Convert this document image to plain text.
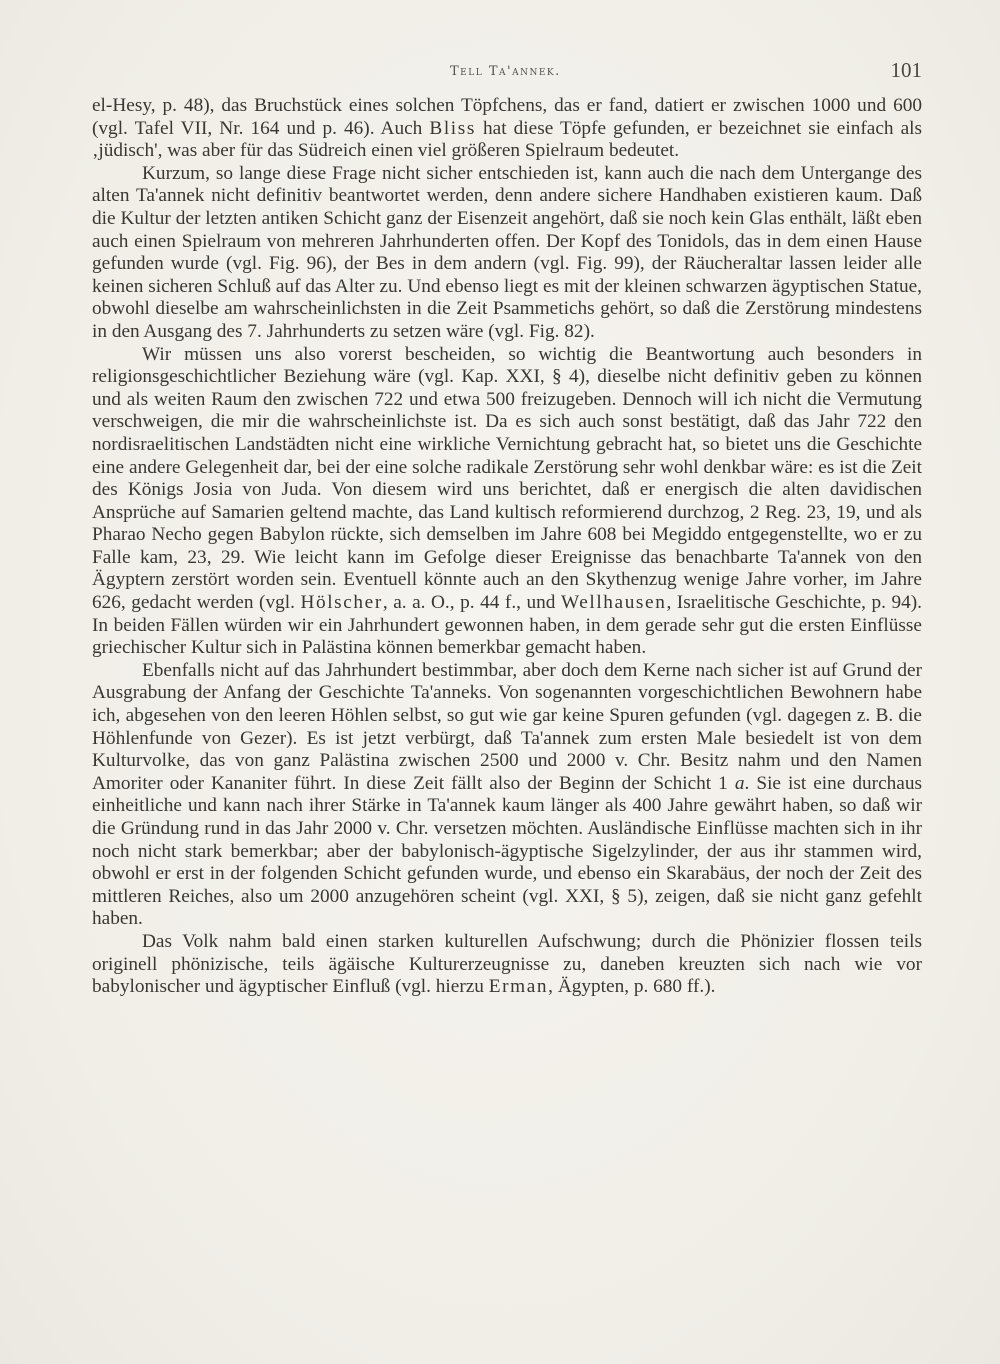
Tell Ta'annek.	101

el-Hesy, p. 48), das Bruchstück eines solchen Töpfchens, das er fand, datiert er zwischen 1000 und 600 (vgl. Tafel VII, Nr. 164 und p. 46). Auch Bliss hat diese Töpfe gefunden, er bezeichnet sie einfach als ‚jüdisch', was aber für das Südreich einen viel größeren Spielraum bedeutet.

Kurzum, so lange diese Frage nicht sicher entschieden ist, kann auch die nach dem Untergange des alten Ta'annek nicht definitiv beantwortet werden, denn andere sichere Handhaben existieren kaum. Daß die Kultur der letzten antiken Schicht ganz der Eisenzeit angehört, daß sie noch kein Glas enthält, läßt eben auch einen Spielraum von mehreren Jahrhunderten offen. Der Kopf des Tonidols, das in dem einen Hause gefunden wurde (vgl. Fig. 96), der Bes in dem andern (vgl. Fig. 99), der Räucheraltar lassen leider alle keinen sicheren Schluß auf das Alter zu. Und ebenso liegt es mit der kleinen schwarzen ägyptischen Statue, obwohl dieselbe am wahrscheinlichsten in die Zeit Psammetichs gehört, so daß die Zerstörung mindestens in den Ausgang des 7. Jahrhunderts zu setzen wäre (vgl. Fig. 82).

Wir müssen uns also vorerst bescheiden, so wichtig die Beantwortung auch besonders in religionsgeschichtlicher Beziehung wäre (vgl. Kap. XXI, § 4), dieselbe nicht definitiv geben zu können und als weiten Raum den zwischen 722 und etwa 500 freizugeben. Dennoch will ich nicht die Vermutung verschweigen, die mir die wahrscheinlichste ist. Da es sich auch sonst bestätigt, daß das Jahr 722 den nordisraelitischen Landstädten nicht eine wirkliche Vernichtung gebracht hat, so bietet uns die Geschichte eine andere Gelegenheit dar, bei der eine solche radikale Zerstörung sehr wohl denkbar wäre: es ist die Zeit des Königs Josia von Juda. Von diesem wird uns berichtet, daß er energisch die alten davidischen Ansprüche auf Samarien geltend machte, das Land kultisch reformierend durchzog, 2 Reg. 23, 19, und als Pharao Necho gegen Babylon rückte, sich demselben im Jahre 608 bei Megiddo entgegenstellte, wo er zu Falle kam, 23, 29. Wie leicht kann im Gefolge dieser Ereignisse das benachbarte Ta'annek von den Ägyptern zerstört worden sein. Eventuell könnte auch an den Skythenzug wenige Jahre vorher, im Jahre 626, gedacht werden (vgl. Hölscher, a. a. O., p. 44 f., und Wellhausen, Israelitische Geschichte, p. 94). In beiden Fällen würden wir ein Jahrhundert gewonnen haben, in dem gerade sehr gut die ersten Einflüsse griechischer Kultur sich in Palästina können bemerkbar gemacht haben.

Ebenfalls nicht auf das Jahrhundert bestimmbar, aber doch dem Kerne nach sicher ist auf Grund der Ausgrabung der Anfang der Geschichte Ta'anneks. Von sogenannten vorgeschichtlichen Bewohnern habe ich, abgesehen von den leeren Höhlen selbst, so gut wie gar keine Spuren gefunden (vgl. dagegen z. B. die Höhlenfunde von Gezer). Es ist jetzt verbürgt, daß Ta'annek zum ersten Male besiedelt ist von dem Kulturvolke, das von ganz Palästina zwischen 2500 und 2000 v. Chr. Besitz nahm und den Namen Amoriter oder Kananiter führt. In diese Zeit fällt also der Beginn der Schicht 1 a. Sie ist eine durchaus einheitliche und kann nach ihrer Stärke in Ta'annek kaum länger als 400 Jahre gewährt haben, so daß wir die Gründung rund in das Jahr 2000 v. Chr. versetzen möchten. Ausländische Einflüsse machten sich in ihr noch nicht stark bemerkbar; aber der babylonisch-ägyptische Sigelzylinder, der aus ihr stammen wird, obwohl er erst in der folgenden Schicht gefunden wurde, und ebenso ein Skarabäus, der noch der Zeit des mittleren Reiches, also um 2000 anzugehören scheint (vgl. XXI, § 5), zeigen, daß sie nicht ganz gefehlt haben.

Das Volk nahm bald einen starken kulturellen Aufschwung; durch die Phönizier flossen teils originell phönizische, teils ägäische Kulturerzeugnisse zu, daneben kreuzten sich nach wie vor babylonischer und ägyptischer Einfluß (vgl. hierzu Erman, Ägypten, p. 680 ff.).
